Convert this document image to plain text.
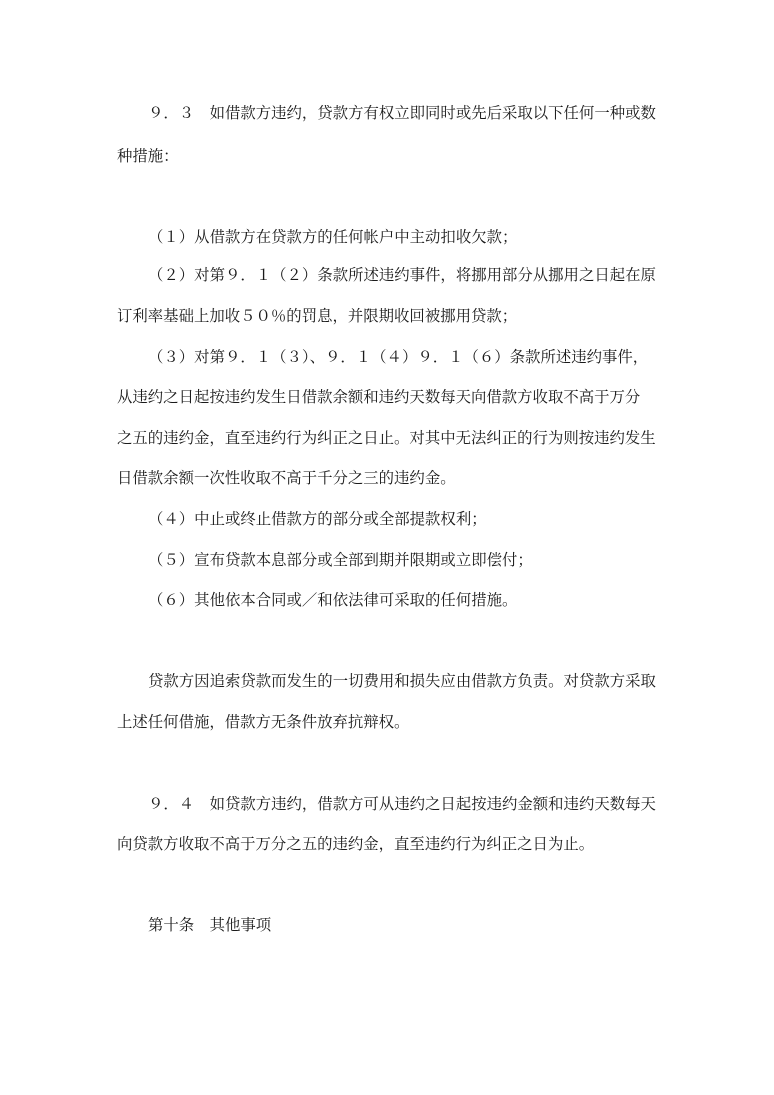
９．３　如借款方违约，贷款方有权立即同时或先后采取以下任何一种或数
种措施：
（１）从借款方在贷款方的任何帐户中主动扣收欠款；
（２）对第９．１（２）条款所述违约事件，将挪用部分从挪用之日起在原
订利率基础上加收５０％的罚息，并限期收回被挪用贷款；
（３）对第９．１（３）、９．１（４）９．１（６）条款所述违约事件，
从违约之日起按违约发生日借款余额和违约天数每天向借款方收取不高于万分
之五的违约金，直至违约行为纠正之日止。对其中无法纠正的行为则按违约发生
日借款余额一次性收取不高于千分之三的违约金。
（４）中止或终止借款方的部分或全部提款权利；
（５）宣布贷款本息部分或全部到期并限期或立即偿付；
（６）其他依本合同或／和依法律可采取的任何措施。
贷款方因追索贷款而发生的一切费用和损失应由借款方负责。对贷款方采取
上述任何借施，借款方无条件放弃抗辩权。
９．４　如贷款方违约，借款方可从违约之日起按违约金额和违约天数每天
向贷款方收取不高于万分之五的违约金，直至违约行为纠正之日为止。
第十条　其他事项
